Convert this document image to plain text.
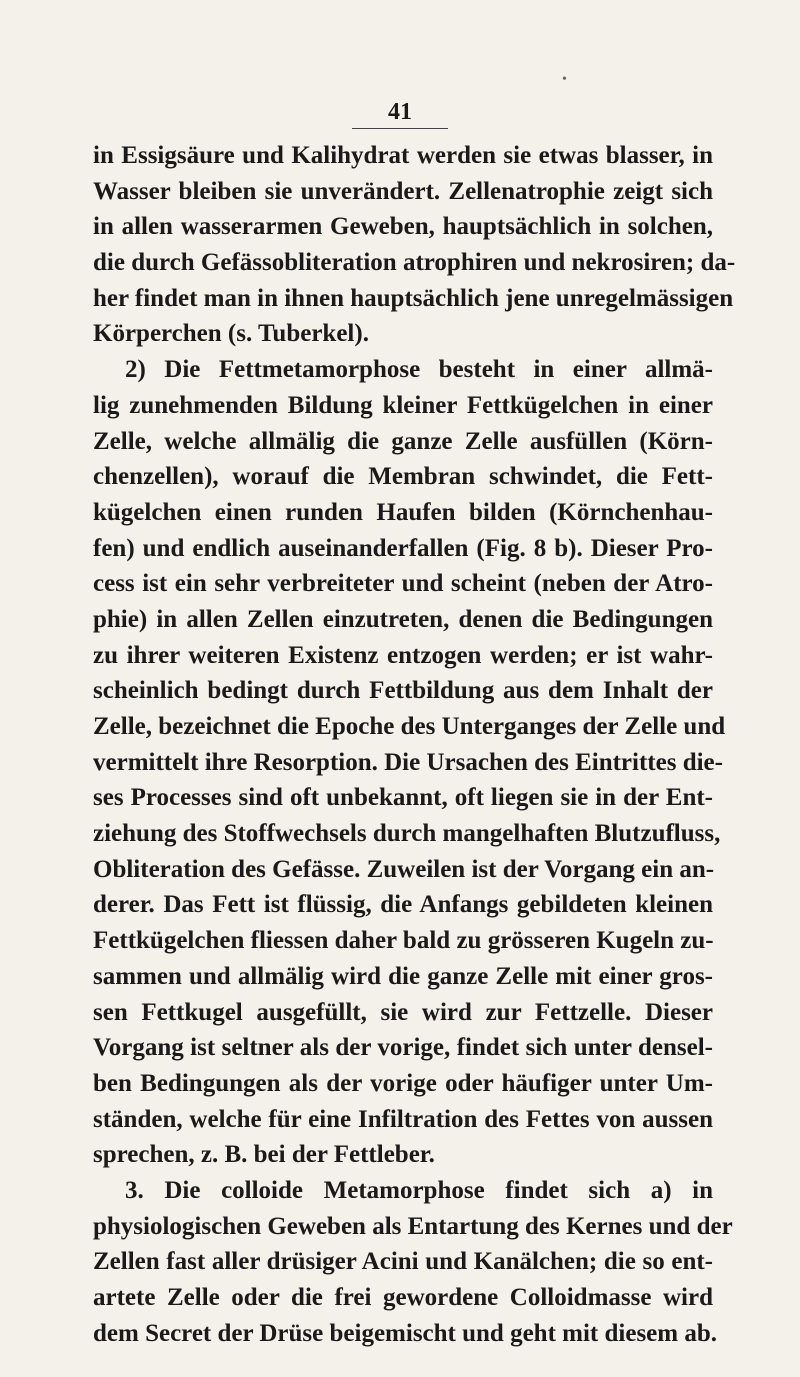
•
41
in Essigsäure und Kalihydrat werden sie etwas blasser, in
Wasser bleiben sie unverändert. Zellenatrophie zeigt sich
in allen wasserarmen Geweben, hauptsächlich in solchen,
die durch Gefässobliteration atrophiren und nekrosiren; da-
her findet man in ihnen hauptsächlich jene unregelmässigen
Körperchen (s. Tuberkel).
2) Die Fettmetamorphose besteht in einer allmä-
lig zunehmenden Bildung kleiner Fettkügelchen in einer
Zelle, welche allmälig die ganze Zelle ausfüllen (Körn-
chenzellen), worauf die Membran schwindet, die Fett-
kügelchen einen runden Haufen bilden (Körnchenhau-
fen) und endlich auseinanderfallen (Fig. 8 b). Dieser Pro-
cess ist ein sehr verbreiteter und scheint (neben der Atro-
phie) in allen Zellen einzutreten, denen die Bedingungen
zu ihrer weiteren Existenz entzogen werden; er ist wahr-
scheinlich bedingt durch Fettbildung aus dem Inhalt der
Zelle, bezeichnet die Epoche des Unterganges der Zelle und
vermittelt ihre Resorption. Die Ursachen des Eintrittes die-
ses Processes sind oft unbekannt, oft liegen sie in der Ent-
ziehung des Stoffwechsels durch mangelhaften Blutzufluss,
Obliteration des Gefässe. Zuweilen ist der Vorgang ein an-
derer. Das Fett ist flüssig, die Anfangs gebildeten kleinen
Fettkügelchen fliessen daher bald zu grösseren Kugeln zu-
sammen und allmälig wird die ganze Zelle mit einer gros-
sen Fettkugel ausgefüllt, sie wird zur Fettzelle. Dieser
Vorgang ist seltner als der vorige, findet sich unter densel-
ben Bedingungen als der vorige oder häufiger unter Um-
ständen, welche für eine Infiltration des Fettes von aussen
sprechen, z. B. bei der Fettleber.
3. Die colloide Metamorphose findet sich a) in
physiologischen Geweben als Entartung des Kernes und der
Zellen fast aller drüsiger Acini und Kanälchen; die so ent-
artete Zelle oder die frei gewordene Colloidmasse wird
dem Secret der Drüse beigemischt und geht mit diesem ab.
